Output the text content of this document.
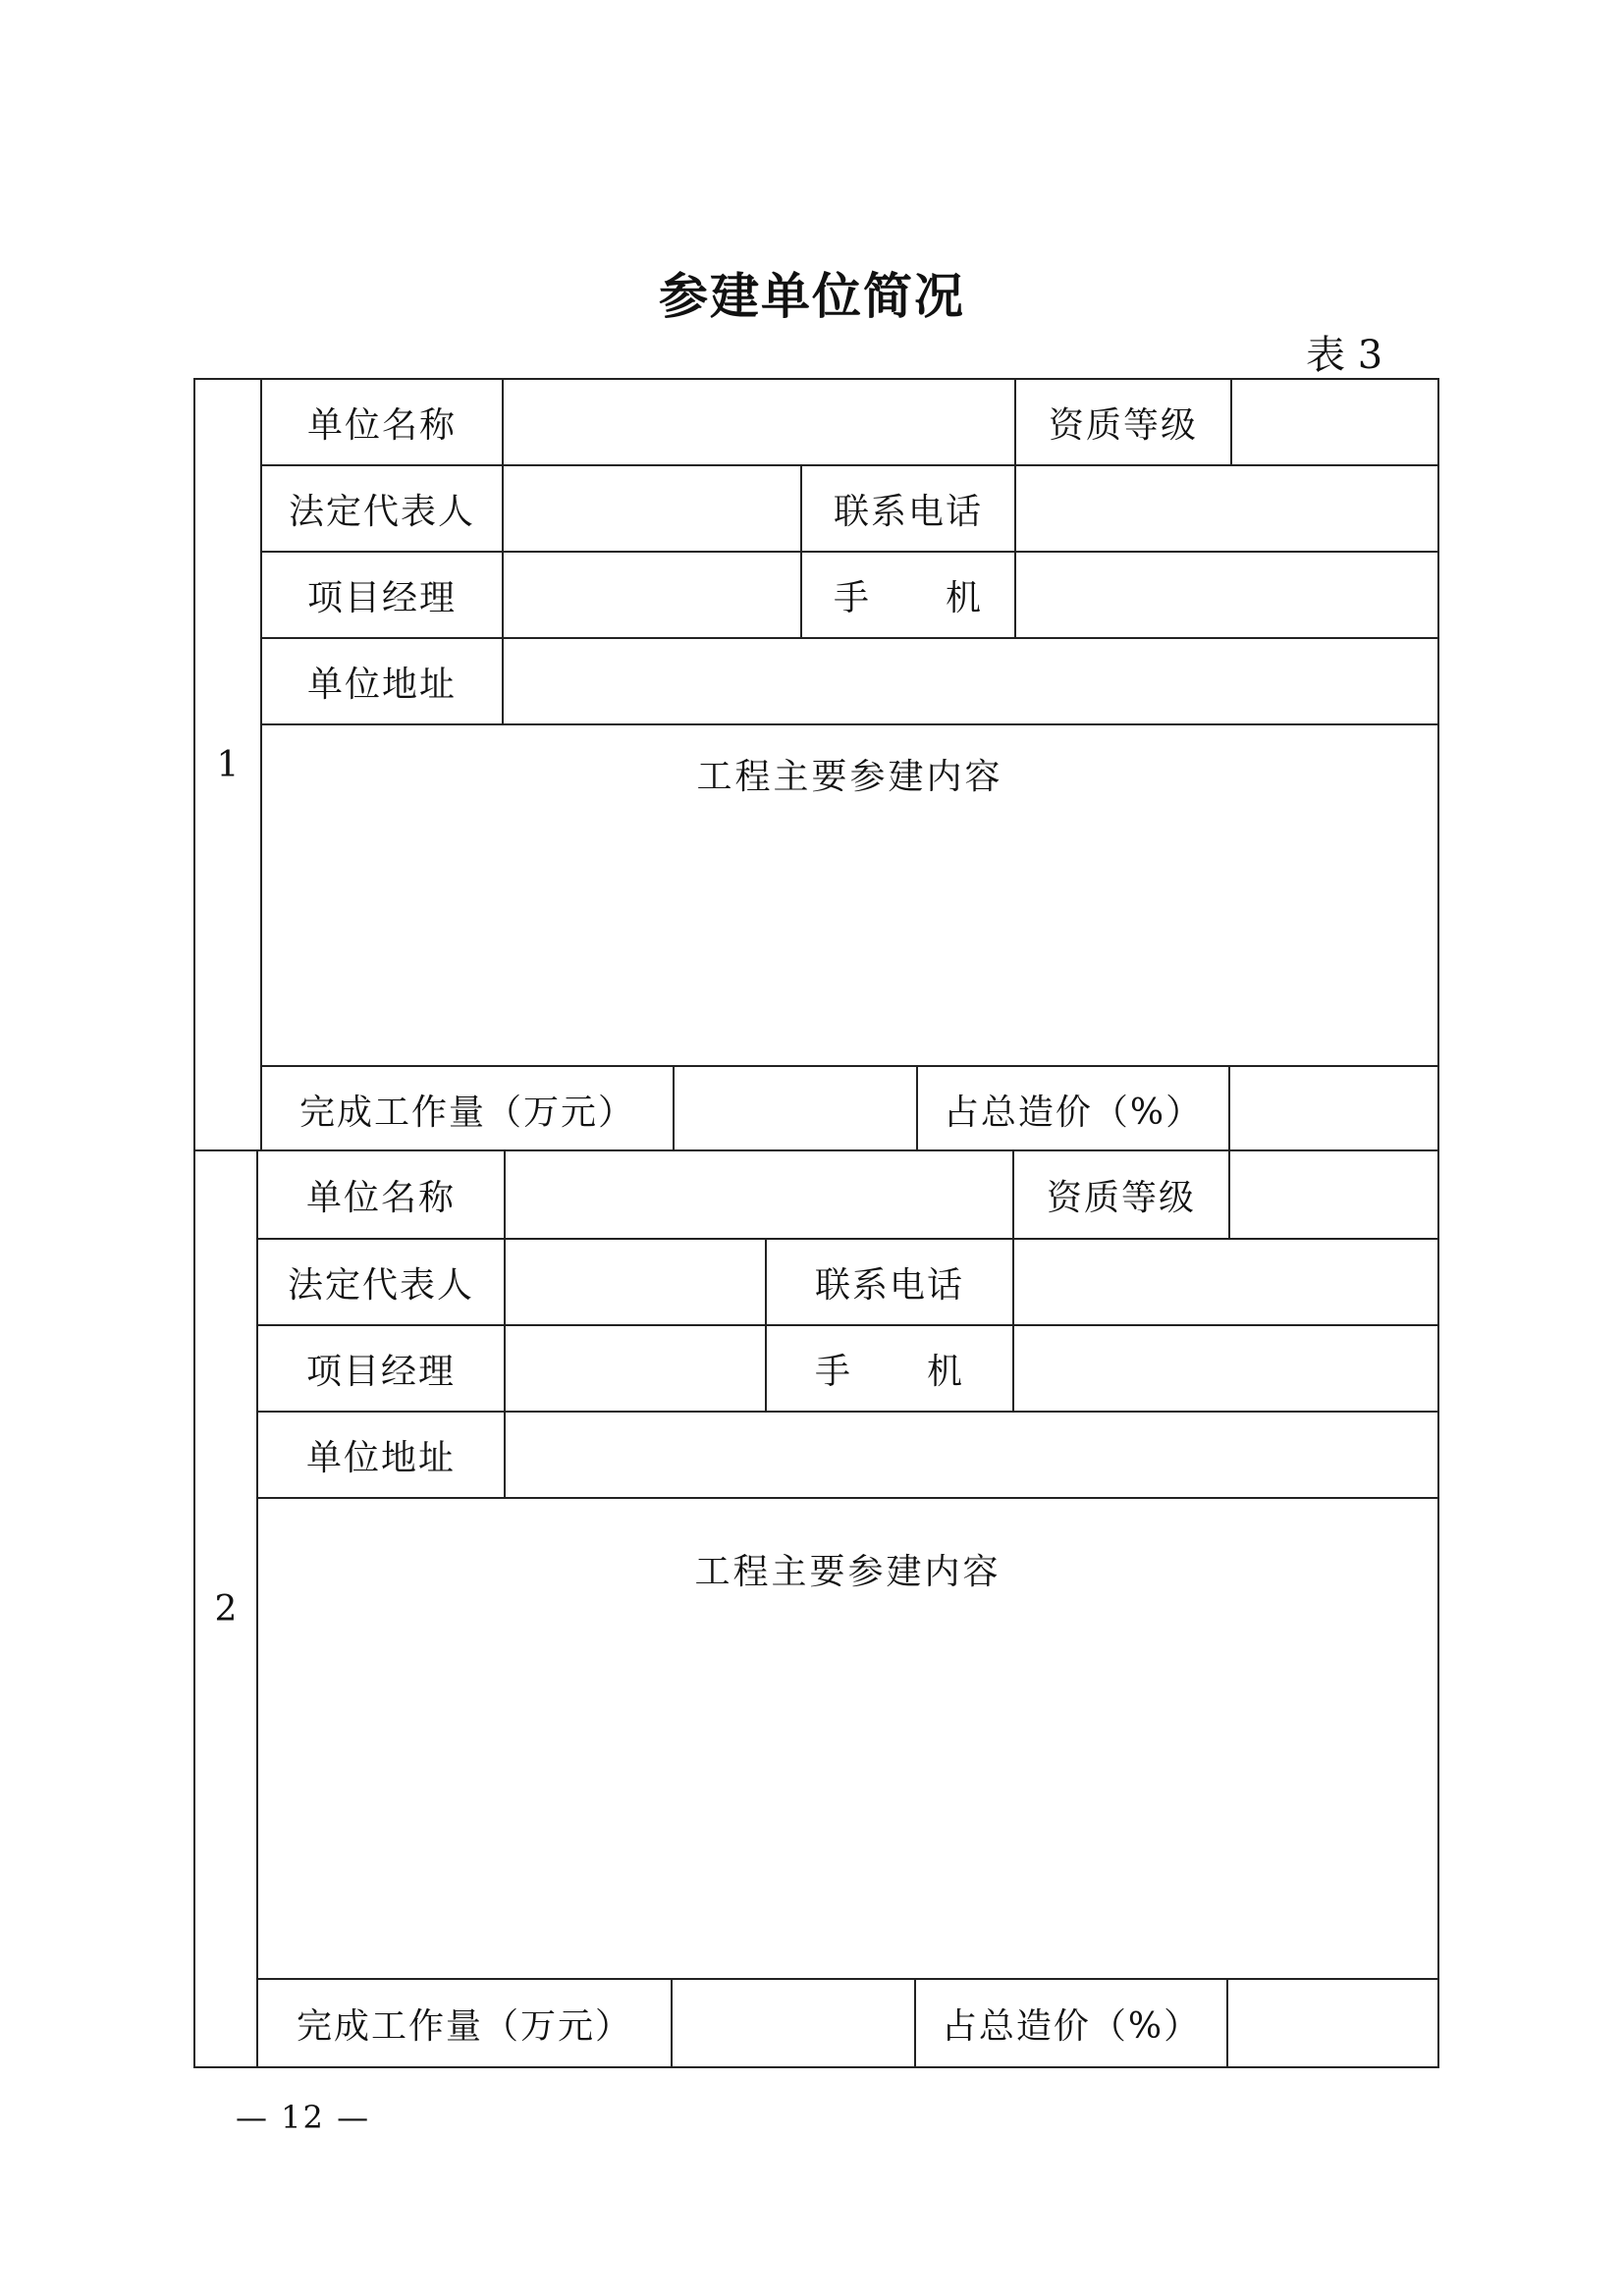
参建单位简况
表 3
1
单位名称	资质等级
法定代表人	联系电话
项目经理	手　　机
单位地址
工程主要参建内容
完成工作量（万元）	占总造价（%）
2
单位名称	资质等级
法定代表人	联系电话
项目经理	手　　机
单位地址
工程主要参建内容
完成工作量（万元）	占总造价（%）
— 12 —
